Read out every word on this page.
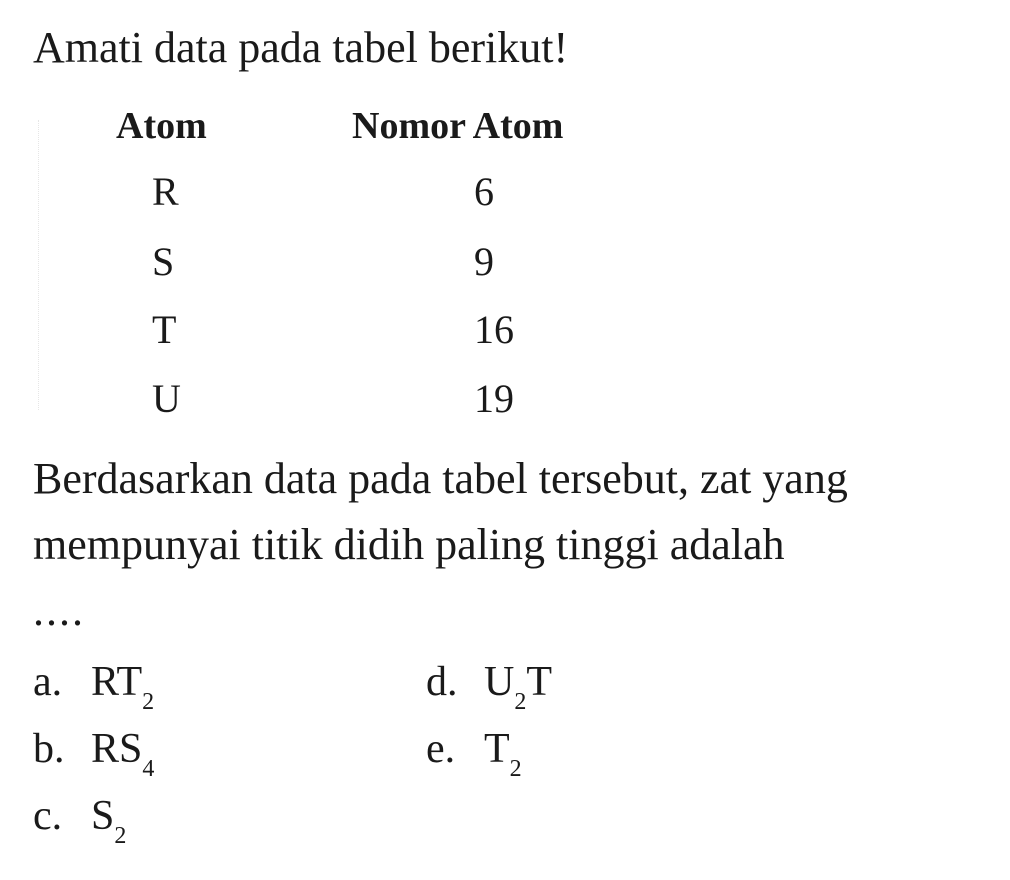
Amati data pada tabel berikut!
Atom	Nomor Atom
R	6
S	9
T	16
U	19
Berdasarkan data pada tabel tersebut, zat yang mempunyai titik didih paling tinggi adalah
....
a. $RT_2$
b. $RS_4$
c. $S_2$
d. $U_2T$
e. $T_2$
